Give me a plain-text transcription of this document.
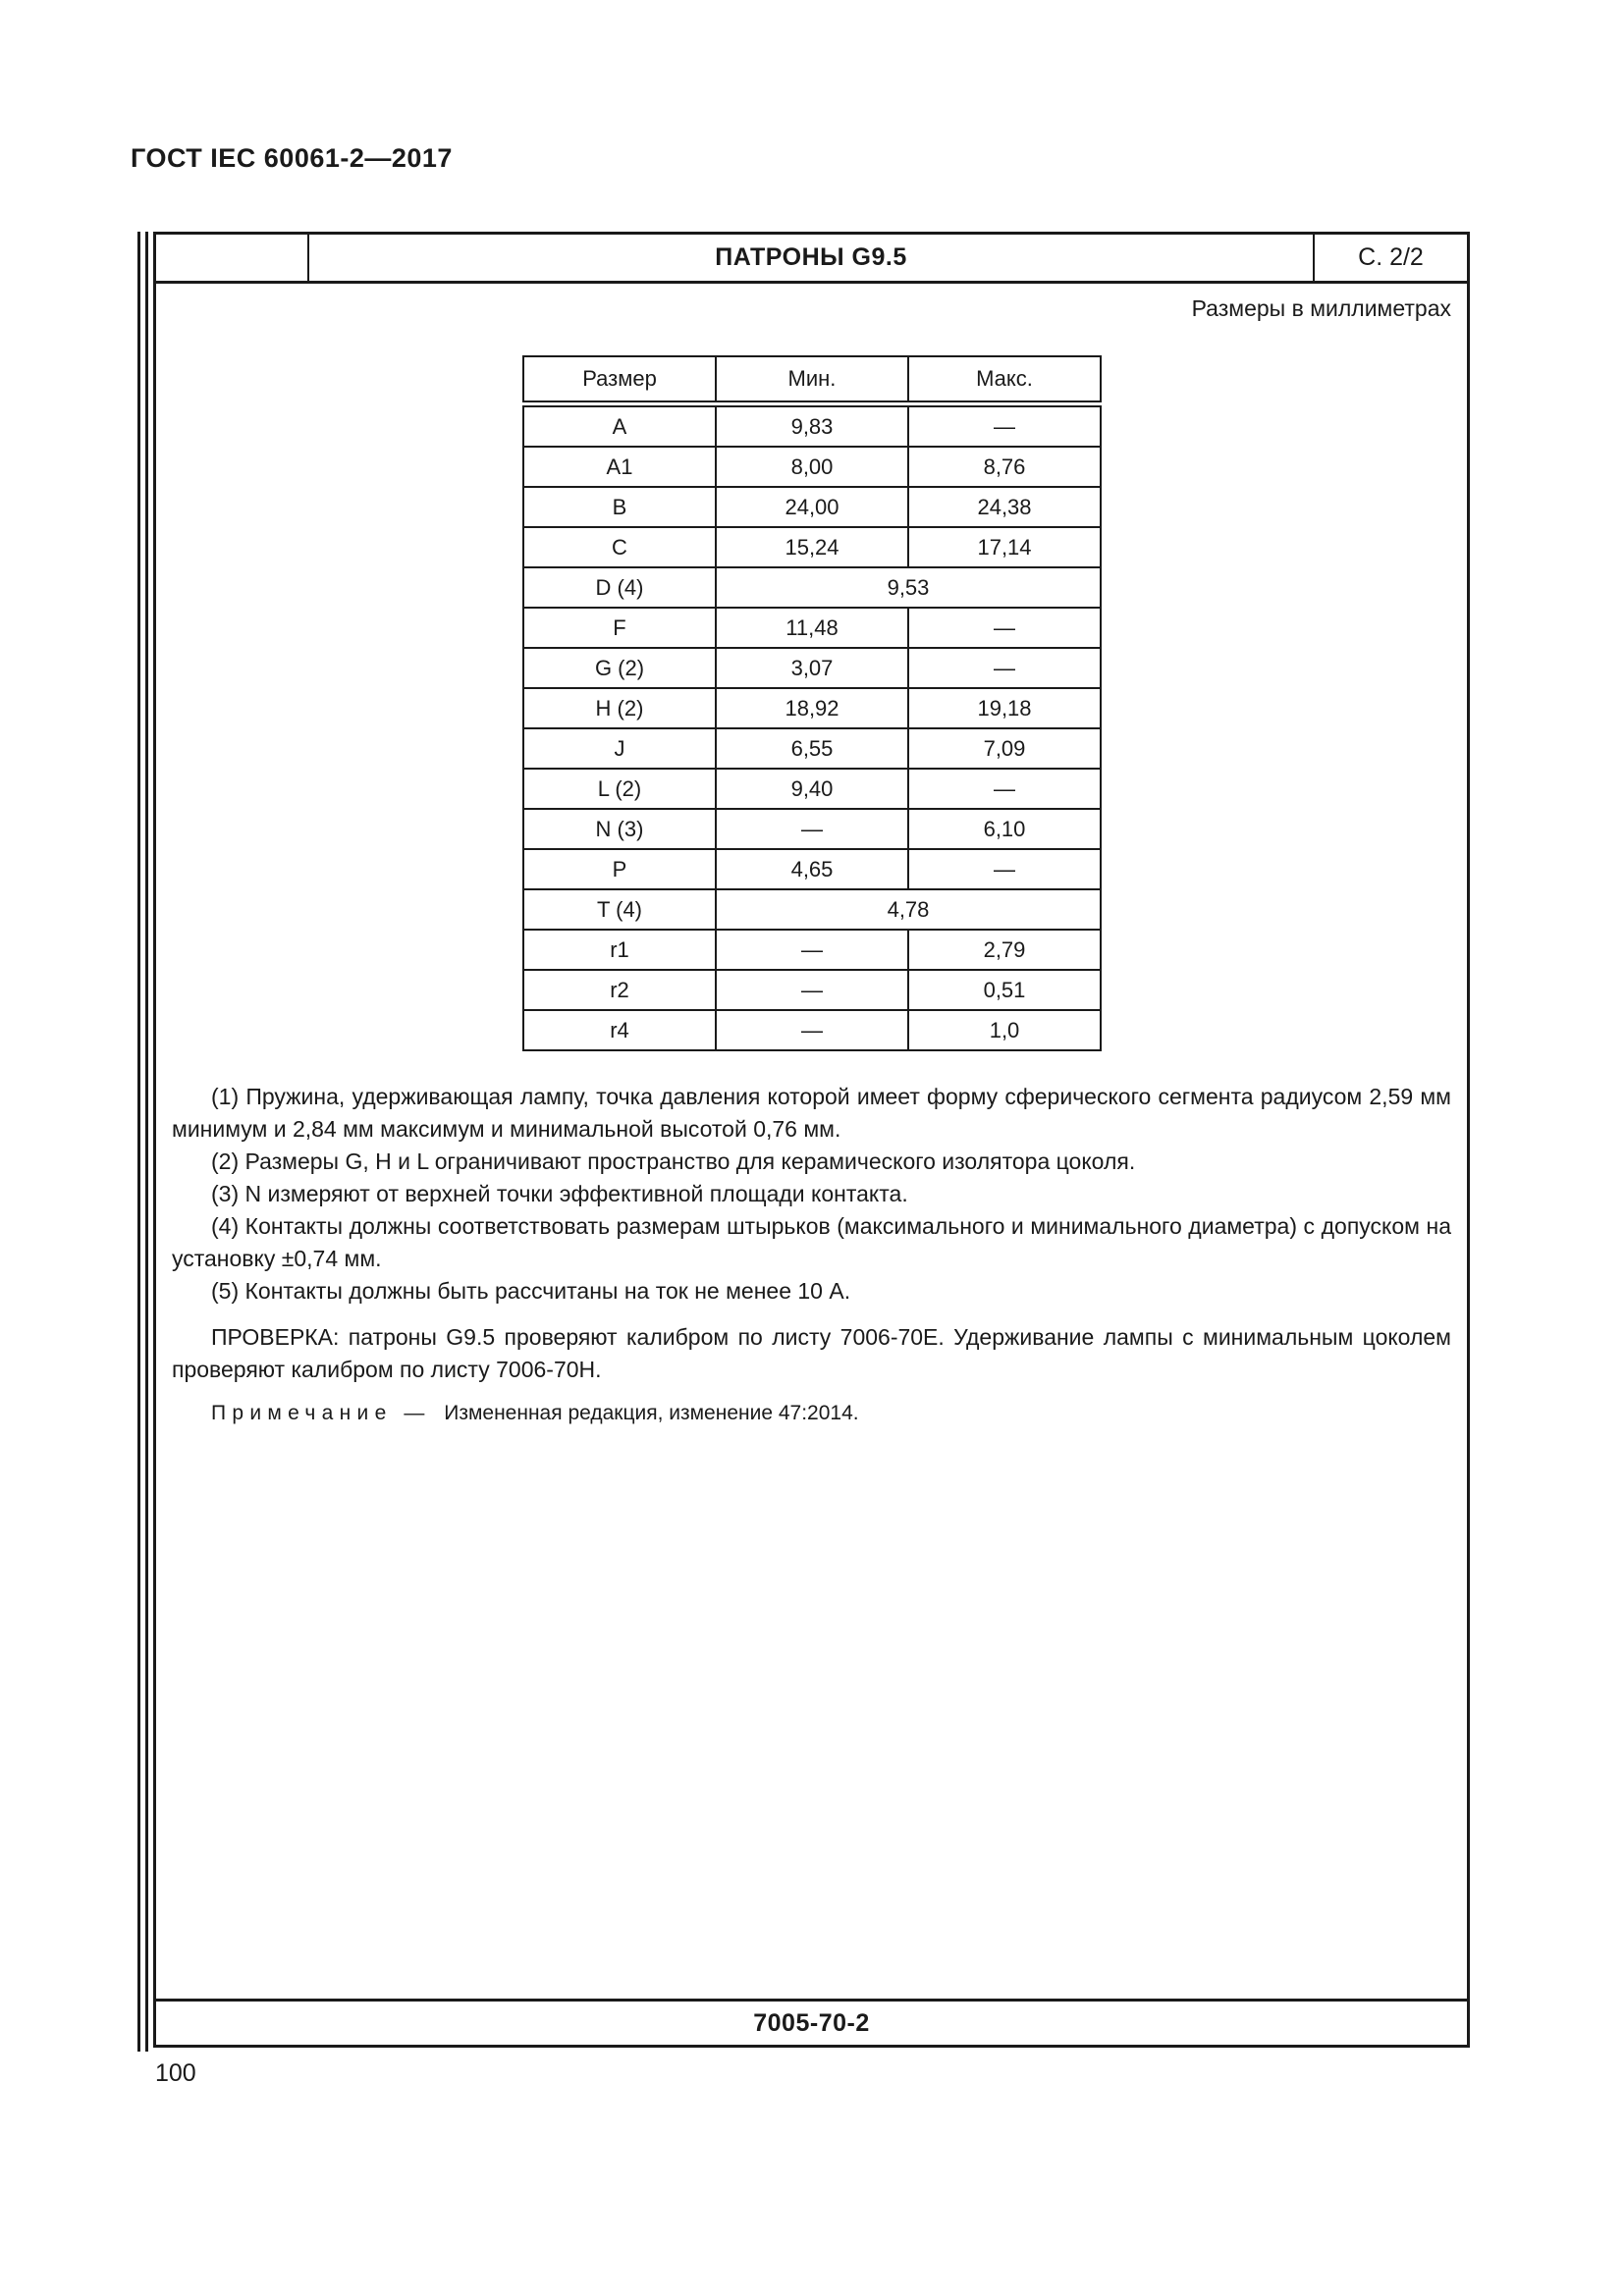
ГОСТ IEC 60061-2—2017
ПАТРОНЫ G9.5	С. 2/2
Размеры в миллиметрах
Размер	Мин.	Макс.
A	9,83	—
A1	8,00	8,76
B	24,00	24,38
C	15,24	17,14
D (4)	9,53	
F	11,48	—
G (2)	3,07	—
H (2)	18,92	19,18
J	6,55	7,09
L (2)	9,40	—
N (3)	—	6,10
P	4,65	—
T (4)	4,78	
r1	—	2,79
r2	—	0,51
r4	—	1,0

(1) Пружина, удерживающая лампу, точка давления которой имеет форму сферического сегмента радиусом 2,59 мм минимум и 2,84 мм максимум и минимальной высотой 0,76 мм.

(2) Размеры G, H и L ограничивают пространство для керамического изолятора цоколя.

(3) N измеряют от верхней точки эффективной площади контакта.

(4) Контакты должны соответствовать размерам штырьков (максимального и минимального диаметра) с допуском на установку ±0,74 мм.

(5) Контакты должны быть рассчитаны на ток не менее 10 А.

ПРОВЕРКА: патроны G9.5 проверяют калибром по листу 7006-70E. Удерживание лампы с минимальным цоколем проверяют калибром по листу 7006-70H.

Примечание — Измененная редакция, изменение 47:2014.
7005-70-2
100
